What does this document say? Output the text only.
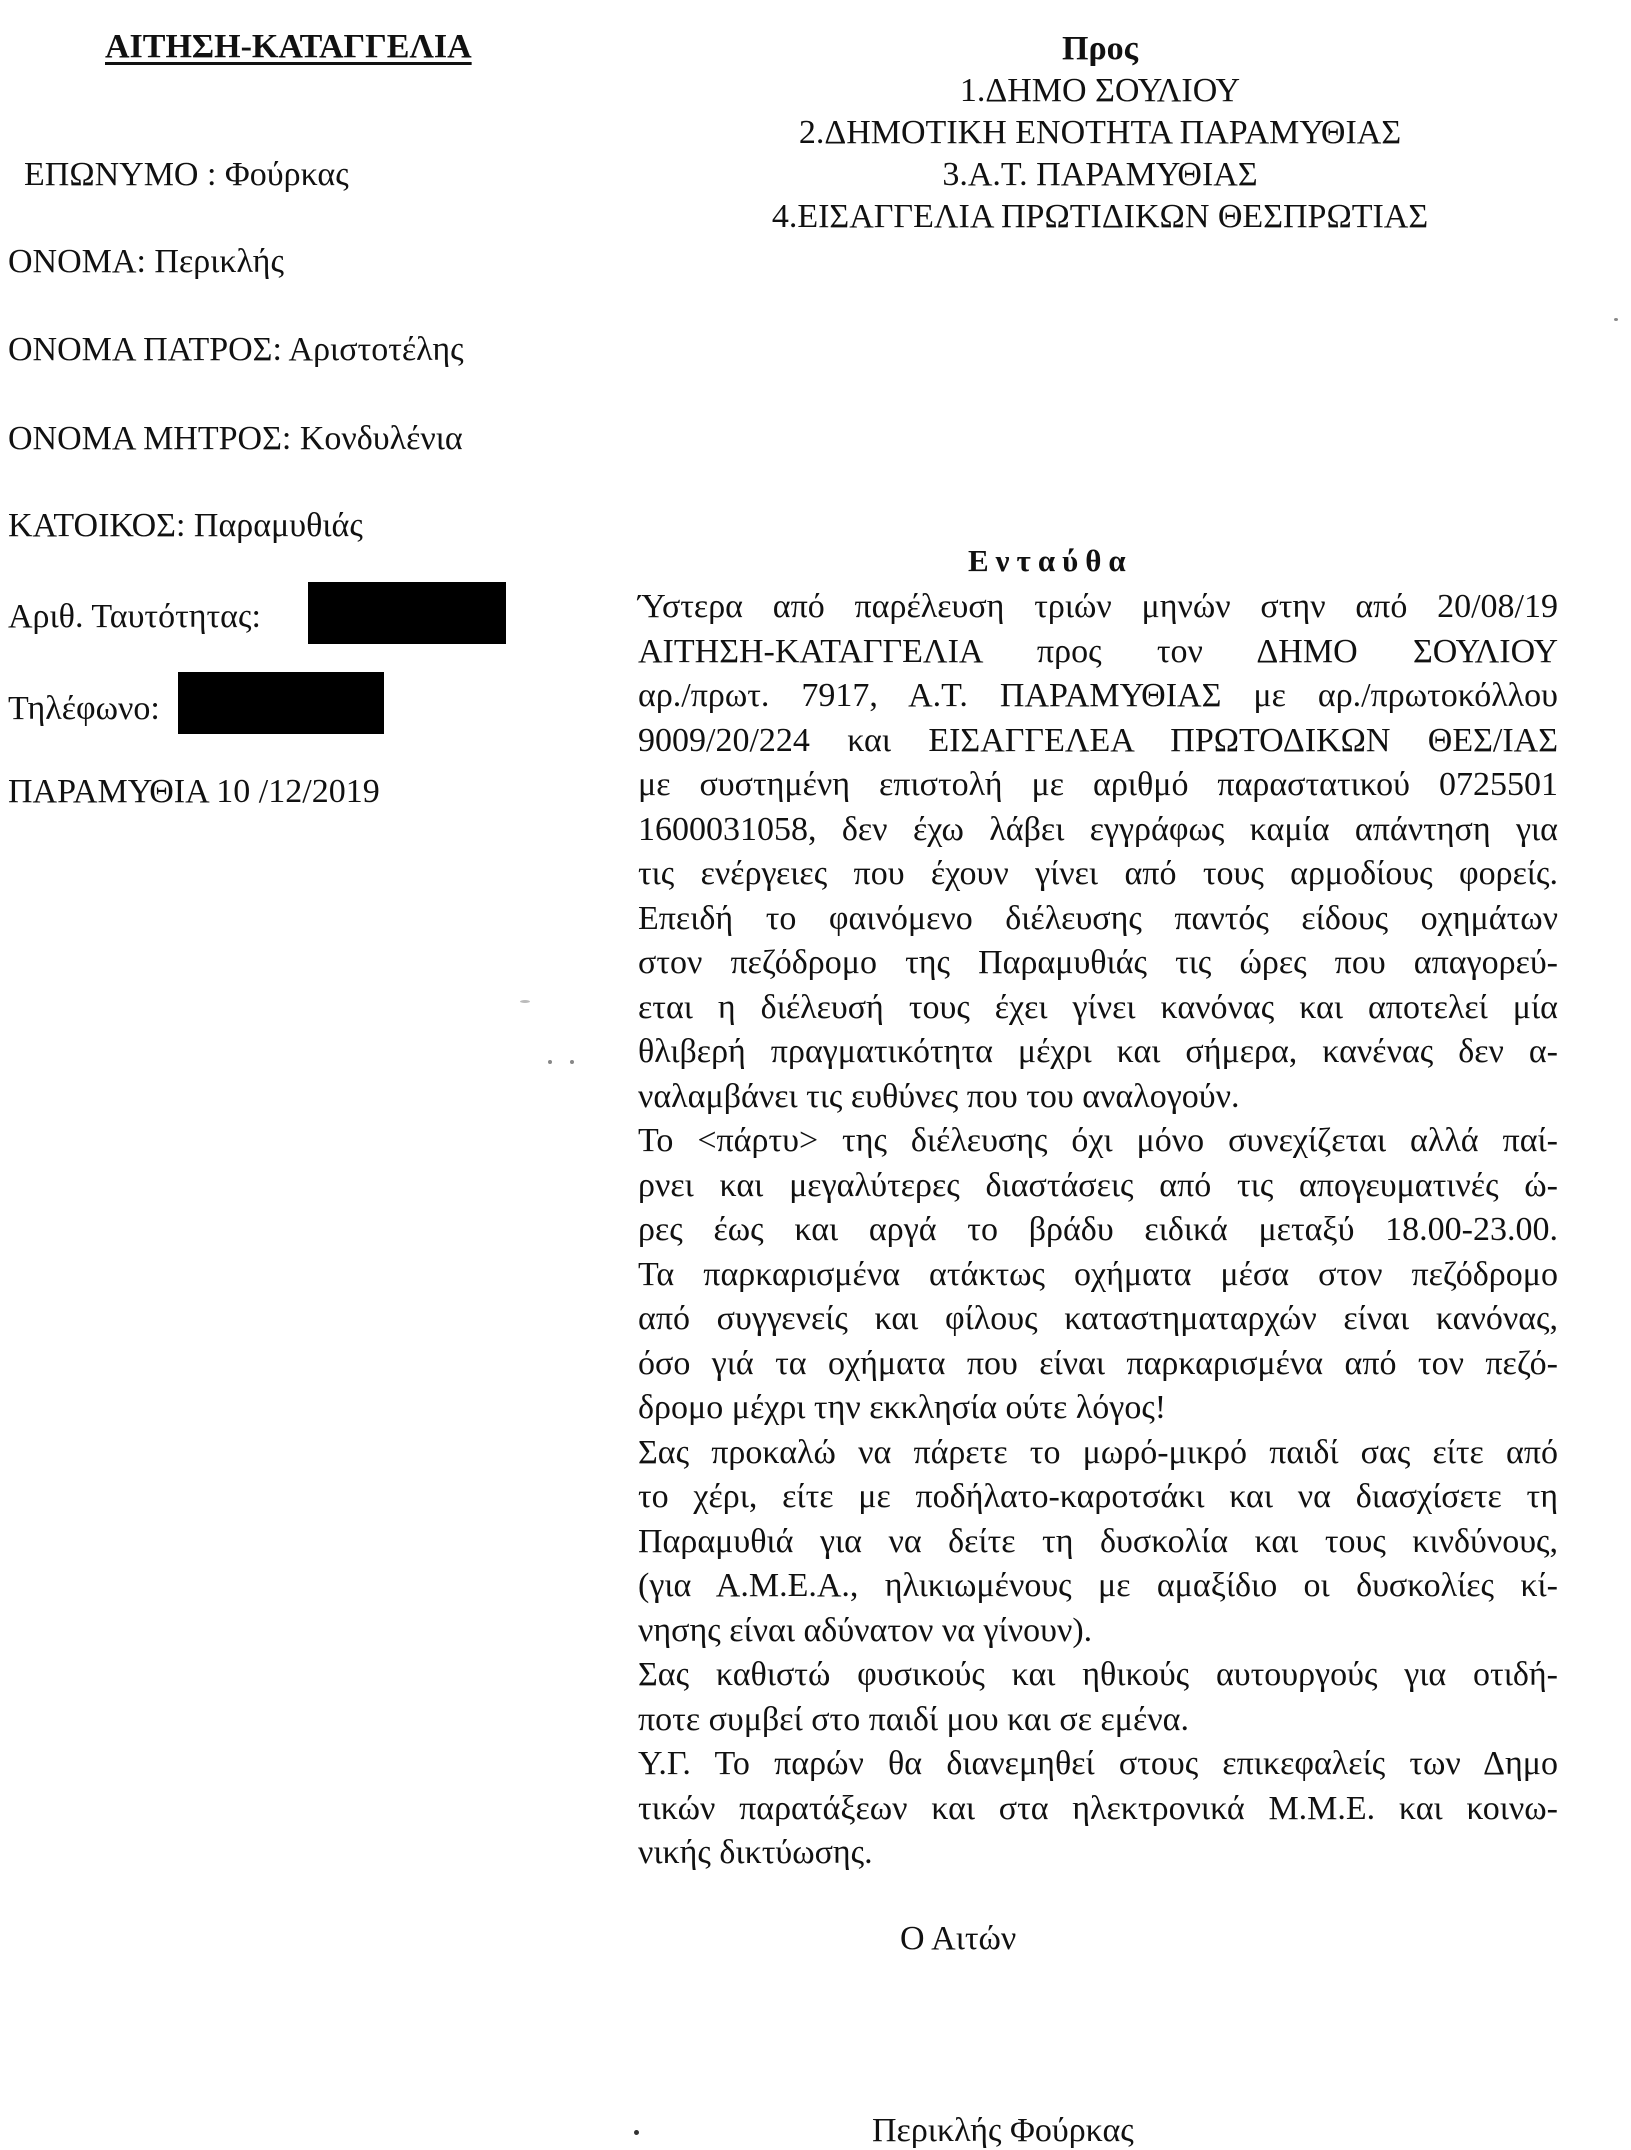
ΑΙΤΗΣΗ-ΚΑΤΑΓΓΕΛΙΑ
ΕΠΩΝΥΜΟ : Φούρκας
ΟΝΟΜΑ: Περικλής
ΟΝΟΜΑ ΠΑΤΡΟΣ: Αριστοτέλης
ΟΝΟΜΑ ΜΗΤΡΟΣ: Κονδυλένια
ΚΑΤΟΙΚΟΣ: Παραμυθιάς
Αριθ. Ταυτότητας:
Τηλέφωνο:
ΠΑΡΑΜΥΘΙΑ 10 /12/2019
Προς
1.ΔΗΜΟ ΣΟΥΛΙΟΥ
2.ΔΗΜΟΤΙΚΗ ΕΝΟΤΗΤΑ ΠΑΡΑΜΥΘΙΑΣ
3.Α.Τ. ΠΑΡΑΜΥΘΙΑΣ
4.ΕΙΣΑΓΓΕΛΙΑ ΠΡΩΤΙΔΙΚΩΝ ΘΕΣΠΡΩΤΙΑΣ
Ενταύθα
Ύστερα από παρέλευση τριών μηνών στην από 20/08/19
ΑΙΤΗΣΗ-ΚΑΤΑΓΓΕΛΙΑ προς τον ΔΗΜΟ ΣΟΥΛΙΟΥ
αρ./πρωτ. 7917, Α.Τ. ΠΑΡΑΜΥΘΙΑΣ με αρ./πρωτοκόλλου
9009/20/224 και ΕΙΣΑΓΓΕΛΕΑ ΠΡΩΤΟΔΙΚΩΝ ΘΕΣ/ΙΑΣ
με συστημένη επιστολή με αριθμό παραστατικού 0725501
1600031058, δεν έχω λάβει εγγράφως καμία απάντηση για
τις ενέργειες που έχουν γίνει από τους αρμοδίους φορείς.
Επειδή το φαινόμενο διέλευσης παντός είδους οχημάτων
στον πεζόδρομο της Παραμυθιάς τις ώρες που απαγορεύ-
εται η διέλευσή τους έχει γίνει κανόνας και αποτελεί μία
θλιβερή πραγματικότητα μέχρι και σήμερα, κανένας δεν α-
ναλαμβάνει τις ευθύνες που του αναλογούν.
Το <πάρτυ> της διέλευσης όχι μόνο συνεχίζεται αλλά παί-
ρνει και μεγαλύτερες διαστάσεις από τις απογευματινές ώ-
ρες έως και αργά το βράδυ ειδικά μεταξύ 18.00-23.00.
Τα παρκαρισμένα ατάκτως οχήματα μέσα στον πεζόδρομο
από συγγενείς και φίλους καταστηματαρχών είναι κανόνας,
όσο γιά τα οχήματα που είναι παρκαρισμένα από τον πεζό-
δρομο μέχρι την εκκλησία ούτε λόγος!
Σας προκαλώ να πάρετε το μωρό-μικρό παιδί σας είτε από
το χέρι, είτε με ποδήλατο-καροτσάκι και να διασχίσετε τη
Παραμυθιά για να δείτε τη δυσκολία και τους κινδύνους,
(για Α.Μ.Ε.Α., ηλικιωμένους με αμαξίδιο οι δυσκολίες κί-
νησης είναι αδύνατον να γίνουν).
Σας καθιστώ φυσικούς και ηθικούς αυτουργούς για οτιδή-
ποτε συμβεί στο παιδί μου και σε εμένα.
Υ.Γ. Το παρών θα διανεμηθεί στους επικεφαλείς των Δημο
τικών παρατάξεων και στα ηλεκτρονικά Μ.Μ.Ε. και κοινω-
νικής δικτύωσης.
Ο Αιτών
Περικλής Φούρκας
